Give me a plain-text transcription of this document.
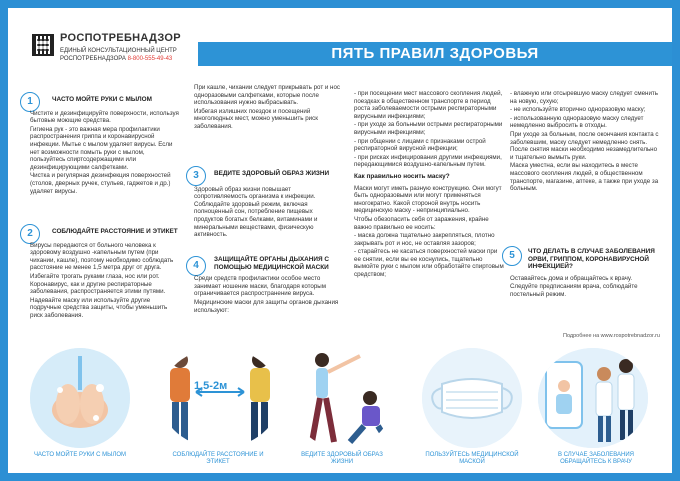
РОСПОТРЕБНАДЗОР
ЕДИНЫЙ КОНСУЛЬТАЦИОННЫЙ ЦЕНТР
РОСПОТРЕБНАДЗОРА 8-800-555-49-43	ПЯТЬ ПРАВИЛ ЗДОРОВЬЯ
1	ЧАСТО МОЙТЕ РУКИ С МЫЛОМ

Чистите и дезинфицируйте поверхности, используя бытовые моющие средства.

Гигиена рук - это важная мера профилактики распространения гриппа и коронавирусной инфекции. Мытье с мылом удаляет вирусы. Если нет возможности помыть руки с мылом, пользуйтесь спиртсодержащими или дезинфицирующими салфетками.

Чистка и регулярная дезинфекция поверхностей (столов, дверных ручек, стульев, гаджетов и др.) удаляет вирусы.

2	СОБЛЮДАЙТЕ РАССТОЯНИЕ И ЭТИКЕТ

Вирусы передаются от больного человека к здоровому воздушно -капельным путем (при чихании, кашле), поэтому необходимо соблюдать расстояние не менее 1,5 метра друг от друга.

Избегайте трогать руками глаза, нос или рот. Коронавирус, как и другие респираторные заболевания, распространяется этими путями.

Надевайте маску или используйте другие подручные средства защиты, чтобы уменьшить риск заболевания.

При кашле, чихании следует прикрывать рот и нос одноразовыми салфетками, которые после использования нужно выбрасывать.

Избегая излишних поездок и посещений многолюдных мест, можно уменьшить риск заболевания.

3	ВЕДИТЕ ЗДОРОВЫЙ ОБРАЗ ЖИЗНИ

Здоровый образ жизни повышает сопротивляемость организма к инфекции. Соблюдайте здоровый режим, включая полноценный сон, потребление пищевых продуктов богатых белками, витаминами и минеральными веществами, физическую активность.

4
ЗАЩИЩАЙТЕ ОРГАНЫ ДЫХАНИЯ С ПОМОЩЬЮ МЕДИЦИНСКОЙ МАСКИ

Среди средств профилактики особое место занимает ношение маски, благодаря которым ограничивается распространение вируса.

Медицинские маски для защиты органов дыхания используют:

- при посещении мест массового скопления людей, поездках в общественном транспорте в период роста заболеваемости острыми респираторными вирусными инфекциями;

- при уходе за больными острыми респираторными вирусными инфекциями;

- при общении с лицами с признаками острой респираторной вирусной инфекции;

- при рисках инфицирования другими инфекциями, передающимися воздушно-капельным путем.

Как правильно носить маску?

Маски могут иметь разную конструкцию. Они могут быть одноразовыми или могут применяться многократно. Какой стороной внутрь носить медицинскую маску - непринципиально.

Чтобы обезопасить себя от заражения, крайне важно правильно ее носить:

- маска должна тщательно закрепляться, плотно закрывать рот и нос, не оставляя зазоров;

- старайтесь не касаться поверхностей маски при ее снятии, если вы ее коснулись, тщательно вымойте руки с мылом или обработайте спиртовым средством;

- влажную или отсыревшую маску следует сменить на новую, сухую;

- не используйте вторично одноразовую маску;

- использованную одноразовую маску следует немедленно выбросить в отходы.

При уходе за больным, после окончания контакта с заболевшим, маску следует немедленно снять. После снятия маски необходимо незамедлительно и тщательно вымыть руки.

Маска уместна, если вы находитесь в месте массового скопления людей, в общественном транспорте, магазине, аптеке, а также при уходе за больным.

5	ЧТО ДЕЛАТЬ В СЛУЧАЕ ЗАБОЛЕВАНИЯ ОРВИ, ГРИППОМ, КОРОНАВИРУСНОЙ ИНФЕКЦИЕЙ?

Оставайтесь дома и обращайтесь к врачу.

Следуйте предписаниям врача, соблюдайте постельный режим.

Подробнее на www.rospotrebnadzor.ru
1,5-2м
ЧАСТО МОЙТЕ РУКИ С МЫЛОМ	СОБЛЮДАЙТЕ РАССТОЯНИЕ И ЭТИКЕТ
ВЕДИТЕ ЗДОРОВЫЙ ОБРАЗ ЖИЗНИ
ПОЛЬЗУЙТЕСЬ МЕДИЦИНСКОЙ МАСКОЙ
В СЛУЧАЕ ЗАБОЛЕВАНИЯ ОБРАЩАЙТЕСЬ К ВРАЧУ
